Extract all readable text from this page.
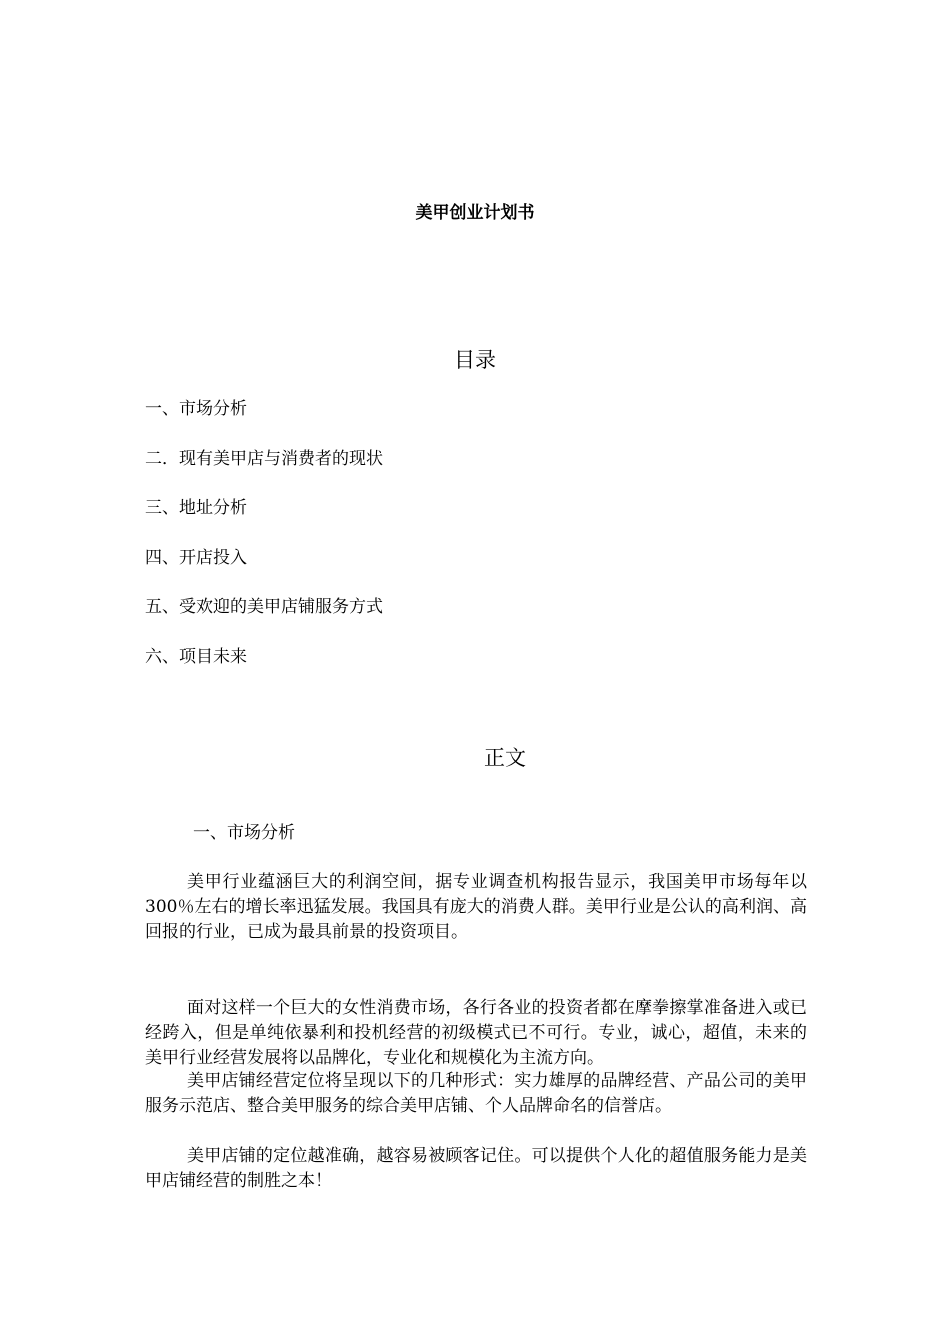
美甲创业计划书
目录
一、市场分析
二．现有美甲店与消费者的现状
三、地址分析
四、开店投入
五、受欢迎的美甲店铺服务方式
六、项目未来
正文
一、市场分析

美甲行业蕴涵巨大的利润空间，据专业调查机构报告显示，我国美甲市场每年以300％左右的增长率迅猛发展。我国具有庞大的消费人群。美甲行业是公认的高利润、高回报的行业，已成为最具前景的投资项目。

面对这样一个巨大的女性消费市场，各行各业的投资者都在摩拳擦掌准备进入或已经跨入，但是单纯依暴利和投机经营的初级模式已不可行。专业，诚心，超值，未来的美甲行业经营发展将以品牌化，专业化和规模化为主流方向。

美甲店铺经营定位将呈现以下的几种形式：实力雄厚的品牌经营、产品公司的美甲服务示范店、整合美甲服务的综合美甲店铺、个人品牌命名的信誉店。

美甲店铺的定位越准确，越容易被顾客记住。可以提供个人化的超值服务能力是美甲店铺经营的制胜之本！
